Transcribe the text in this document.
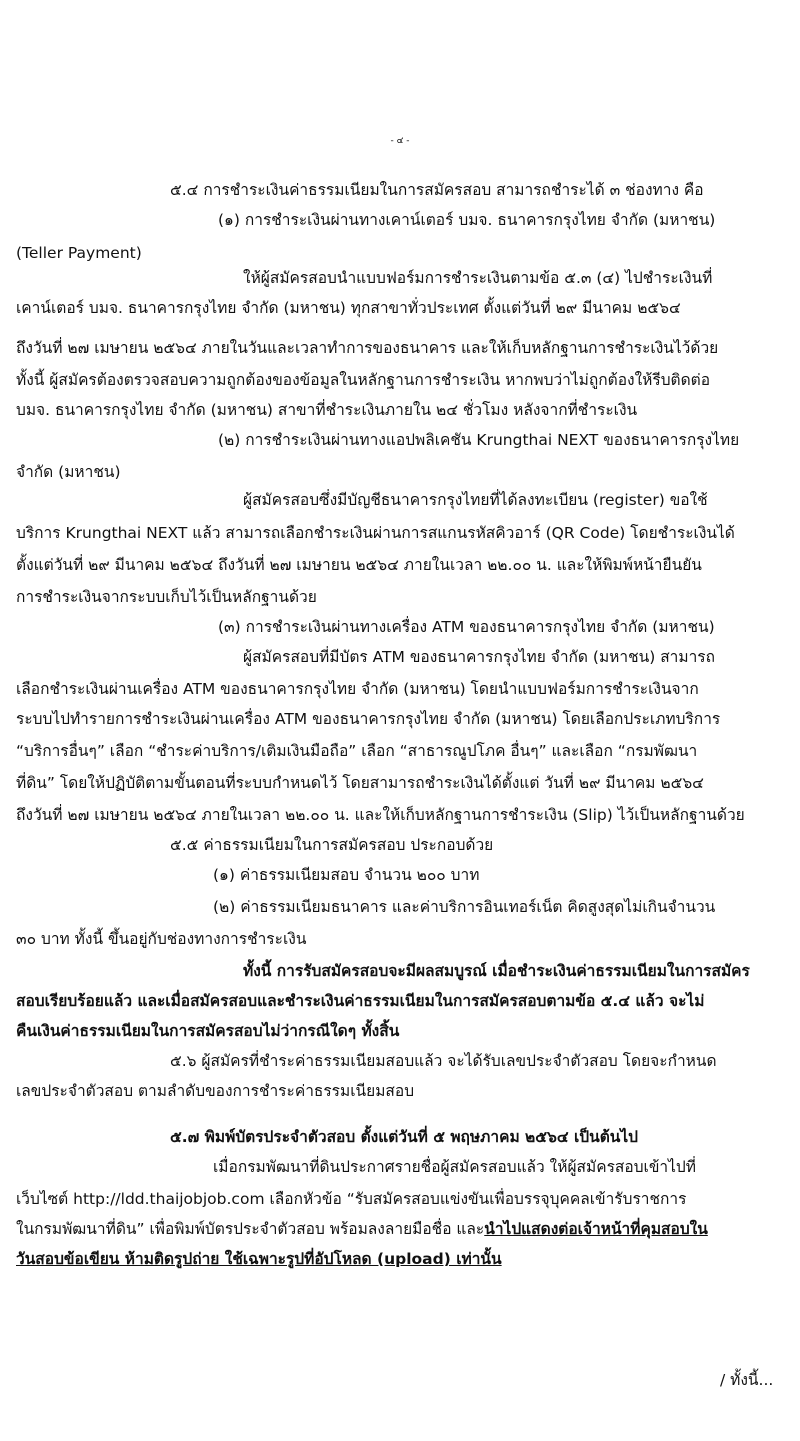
- ๔ -
๕.๔ การชำระเงินค่าธรรมเนียมในการสมัครสอบ สามารถชำระได้ ๓ ช่องทาง คือ
(๑) การชำระเงินผ่านทางเคาน์เตอร์ บมจ. ธนาคารกรุงไทย จำกัด (มหาชน)
(Teller Payment)
ให้ผู้สมัครสอบนำแบบฟอร์มการชำระเงินตามข้อ ๕.๓ (๔) ไปชำระเงินที่
เคาน์เตอร์ บมจ. ธนาคารกรุงไทย จำกัด (มหาชน) ทุกสาขาทั่วประเทศ ตั้งแต่วันที่ ๒๙ มีนาคม ๒๕๖๔
ถึงวันที่ ๒๗ เมษายน ๒๕๖๔ ภายในวันและเวลาทำการของธนาคาร และให้เก็บหลักฐานการชำระเงินไว้ด้วย
ทั้งนี้ ผู้สมัครต้องตรวจสอบความถูกต้องของข้อมูลในหลักฐานการชำระเงิน หากพบว่าไม่ถูกต้องให้รีบติดต่อ
บมจ. ธนาคารกรุงไทย จำกัด (มหาชน) สาขาที่ชำระเงินภายใน ๒๔ ชั่วโมง หลังจากที่ชำระเงิน
(๒) การชำระเงินผ่านทางแอปพลิเคชัน Krungthai NEXT ของธนาคารกรุงไทย
จำกัด (มหาชน)
ผู้สมัครสอบซึ่งมีบัญชีธนาคารกรุงไทยที่ได้ลงทะเบียน (register) ขอใช้
บริการ Krungthai NEXT แล้ว สามารถเลือกชำระเงินผ่านการสแกนรหัสคิวอาร์ (QR Code) โดยชำระเงินได้
ตั้งแต่วันที่ ๒๙ มีนาคม ๒๕๖๔ ถึงวันที่ ๒๗ เมษายน ๒๕๖๔ ภายในเวลา ๒๒.๐๐ น. และให้พิมพ์หน้ายืนยัน
การชำระเงินจากระบบเก็บไว้เป็นหลักฐานด้วย
(๓) การชำระเงินผ่านทางเครื่อง ATM ของธนาคารกรุงไทย จำกัด (มหาชน)
ผู้สมัครสอบที่มีบัตร ATM ของธนาคารกรุงไทย จำกัด (มหาชน) สามารถ
เลือกชำระเงินผ่านเครื่อง ATM ของธนาคารกรุงไทย จำกัด (มหาชน) โดยนำแบบฟอร์มการชำระเงินจาก
ระบบไปทำรายการชำระเงินผ่านเครื่อง ATM ของธนาคารกรุงไทย จำกัด (มหาชน) โดยเลือกประเภทบริการ
“บริการอื่นๆ” เลือก “ชำระค่าบริการ/เติมเงินมือถือ” เลือก “สาธารณูปโภค อื่นๆ” และเลือก “กรมพัฒนา
ที่ดิน” โดยให้ปฏิบัติตามขั้นตอนที่ระบบกำหนดไว้ โดยสามารถชำระเงินได้ตั้งแต่ วันที่ ๒๙ มีนาคม ๒๕๖๔
ถึงวันที่ ๒๗ เมษายน ๒๕๖๔ ภายในเวลา ๒๒.๐๐ น. และให้เก็บหลักฐานการชำระเงิน (Slip) ไว้เป็นหลักฐานด้วย
๕.๕ ค่าธรรมเนียมในการสมัครสอบ ประกอบด้วย
(๑) ค่าธรรมเนียมสอบ จำนวน ๒๐๐ บาท
(๒) ค่าธรรมเนียมธนาคาร และค่าบริการอินเทอร์เน็ต คิดสูงสุดไม่เกินจำนวน
๓๐ บาท ทั้งนี้ ขึ้นอยู่กับช่องทางการชำระเงิน
ทั้งนี้ การรับสมัครสอบจะมีผลสมบูรณ์ เมื่อชำระเงินค่าธรรมเนียมในการสมัคร
สอบเรียบร้อยแล้ว และเมื่อสมัครสอบและชำระเงินค่าธรรมเนียมในการสมัครสอบตามข้อ ๕.๔ แล้ว จะไม่
คืนเงินค่าธรรมเนียมในการสมัครสอบไม่ว่ากรณีใดๆ ทั้งสิ้น
๕.๖ ผู้สมัครที่ชำระค่าธรรมเนียมสอบแล้ว จะได้รับเลขประจำตัวสอบ โดยจะกำหนด
เลขประจำตัวสอบ ตามลำดับของการชำระค่าธรรมเนียมสอบ
๕.๗ พิมพ์บัตรประจำตัวสอบ ตั้งแต่วันที่ ๕ พฤษภาคม ๒๕๖๔ เป็นต้นไป
เมื่อกรมพัฒนาที่ดินประกาศรายชื่อผู้สมัครสอบแล้ว ให้ผู้สมัครสอบเข้าไปที่
เว็บไซต์ http://ldd.thaijobjob.com เลือกหัวข้อ “รับสมัครสอบแข่งขันเพื่อบรรจุบุคคลเข้ารับราชการ
ในกรมพัฒนาที่ดิน” เพื่อพิมพ์บัตรประจำตัวสอบ พร้อมลงลายมือชื่อ และนำไปแสดงต่อเจ้าหน้าที่คุมสอบใน
วันสอบข้อเขียน ห้ามติดรูปถ่าย ใช้เฉพาะรูปที่อัปโหลด (upload) เท่านั้น
/ ทั้งนี้...
